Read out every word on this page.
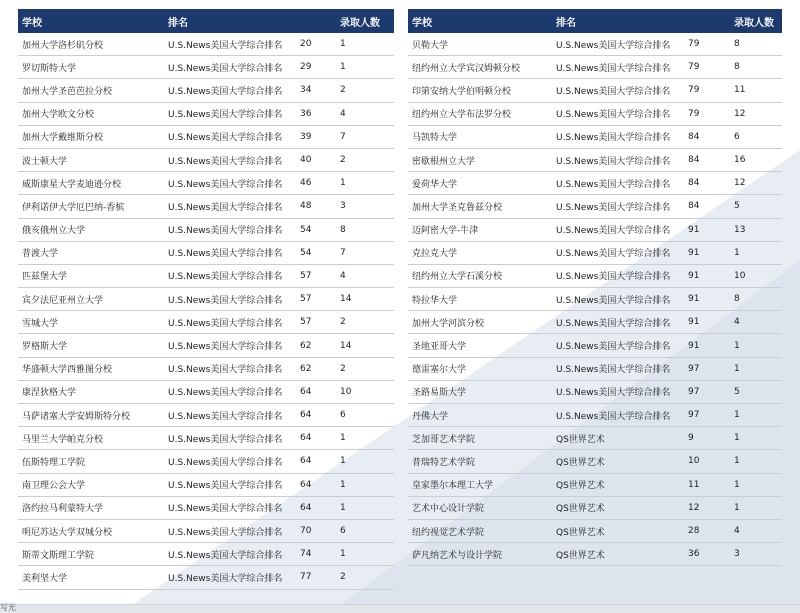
学校	排名	录取人数
加州大学洛杉矶分校	U.S.News美国大学综合排名	20	1
罗切斯特大学	U.S.News美国大学综合排名	29	1
加州大学圣芭芭拉分校	U.S.News美国大学综合排名	34	2
加州大学欧文分校	U.S.News美国大学综合排名	36	4
加州大学戴维斯分校	U.S.News美国大学综合排名	39	7
波士顿大学	U.S.News美国大学综合排名	40	2
威斯康星大学麦迪逊分校	U.S.News美国大学综合排名	46	1
伊利诺伊大学厄巴纳-香槟	U.S.News美国大学综合排名	48	3
俄亥俄州立大学	U.S.News美国大学综合排名	54	8
普渡大学	U.S.News美国大学综合排名	54	7
匹兹堡大学	U.S.News美国大学综合排名	57	4
宾夕法尼亚州立大学	U.S.News美国大学综合排名	57	14
雪城大学	U.S.News美国大学综合排名	57	2
罗格斯大学	U.S.News美国大学综合排名	62	14
华盛顿大学西雅图分校	U.S.News美国大学综合排名	62	2
康涅狄格大学	U.S.News美国大学综合排名	64	10
马萨诸塞大学安姆斯特分校	U.S.News美国大学综合排名	64	6
马里兰大学帕克分校	U.S.News美国大学综合排名	64	1
伍斯特理工学院	U.S.News美国大学综合排名	64	1
南卫理公会大学	U.S.News美国大学综合排名	64	1
洛约拉马利蒙特大学	U.S.News美国大学综合排名	64	1
明尼苏达大学双城分校	U.S.News美国大学综合排名	70	6
斯蒂文斯理工学院	U.S.News美国大学综合排名	74	1
美利坚大学	U.S.News美国大学综合排名	77	2
学校	排名	录取人数
贝勒大学	U.S.News美国大学综合排名	79	8
纽约州立大学宾汉姆顿分校	U.S.News美国大学综合排名	79	8
印第安纳大学伯明顿分校	U.S.News美国大学综合排名	79	11
纽约州立大学布法罗分校	U.S.News美国大学综合排名	79	12
马凯特大学	U.S.News美国大学综合排名	84	6
密歇根州立大学	U.S.News美国大学综合排名	84	16
爱荷华大学	U.S.News美国大学综合排名	84	12
加州大学圣克鲁兹分校	U.S.News美国大学综合排名	84	5
迈阿密大学-牛津	U.S.News美国大学综合排名	91	13
克拉克大学	U.S.News美国大学综合排名	91	1
纽约州立大学石溪分校	U.S.News美国大学综合排名	91	10
特拉华大学	U.S.News美国大学综合排名	91	8
加州大学河滨分校	U.S.News美国大学综合排名	91	4
圣地亚哥大学	U.S.News美国大学综合排名	91	1
德雷塞尔大学	U.S.News美国大学综合排名	97	1
圣路易斯大学	U.S.News美国大学综合排名	97	5
丹佛大学	U.S.News美国大学综合排名	97	1
芝加哥艺术学院	QS世界艺术	9	1
普瑞特艺术学院	QS世界艺术	10	1
皇家墨尔本理工大学	QS世界艺术	11	1
艺术中心设计学院	QS世界艺术	12	1
纽约视觉艺术学院	QS世界艺术	28	4
萨凡纳艺术与设计学院	QS世界艺术	36	3
写光
